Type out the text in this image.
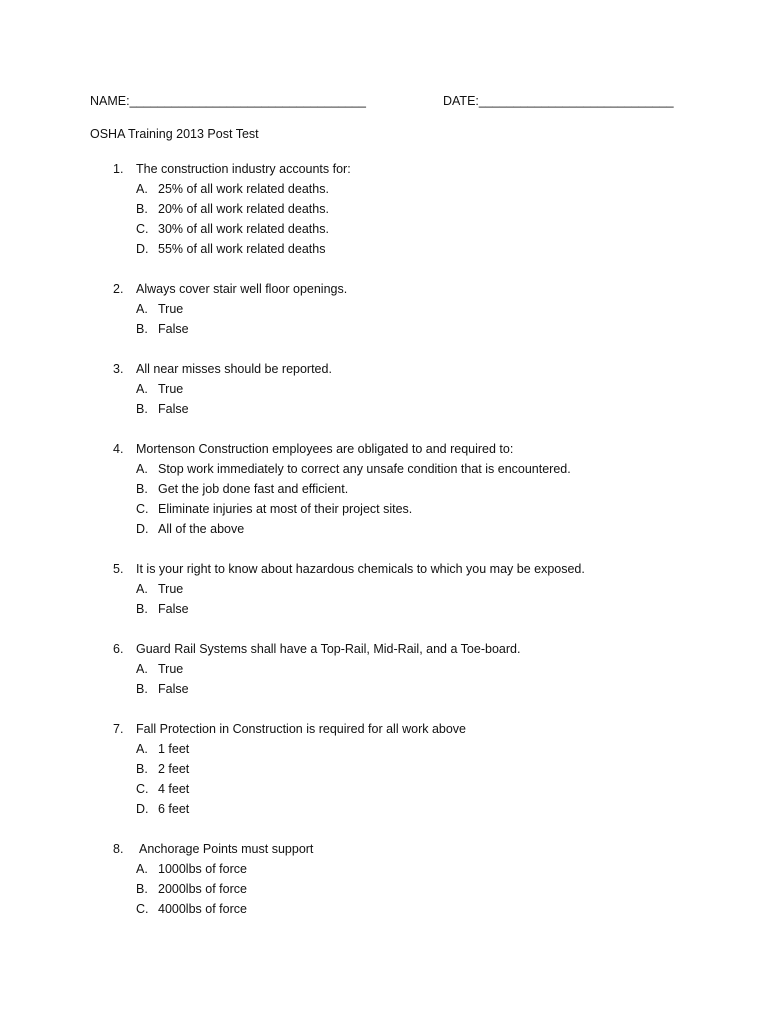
NAME:__________________________________	DATE:____________________________
OSHA Training 2013 Post Test
1. The construction industry accounts for:
A. 25% of all work related deaths.
B. 20% of all work related deaths.
C. 30% of all work related deaths.
D. 55% of all work related deaths
2. Always cover stair well floor openings.
A. True
B. False
3. All near misses should be reported.
A. True
B. False
4. Mortenson Construction employees are obligated to and required to:
A. Stop work immediately to correct any unsafe condition that is encountered.
B. Get the job done fast and efficient.
C. Eliminate injuries at most of their project sites.
D. All of the above
5. It is your right to know about hazardous chemicals to which you may be exposed.
A. True
B. False
6. Guard Rail Systems shall have a Top-Rail, Mid-Rail, and a Toe-board.
A. True
B. False
7. Fall Protection in Construction is required for all work above
A. 1 feet
B. 2 feet
C. 4 feet
D. 6 feet
8. Anchorage Points must support
A. 1000lbs of force
B. 2000lbs of force
C. 4000lbs of force
